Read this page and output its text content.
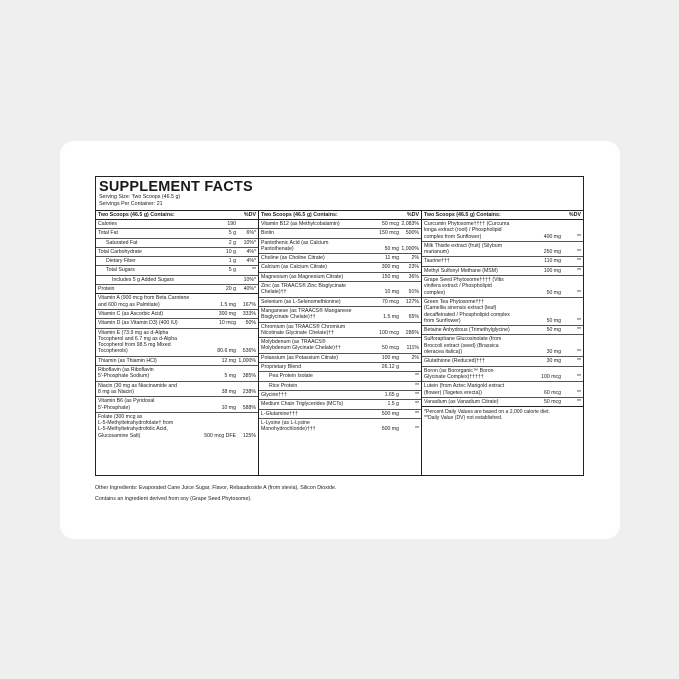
SUPPLEMENT FACTS
Serving Size: Two Scoops (46.5 g)
Servings Per Container: 21
Two Scoops (46.5 g) Contains:	%DV
Calories	190
Total Fat	5 g	6%*
Saturated Fat	2 g	10%*
Total Carbohydrate	10 g	4%*
Dietary Fiber	1 g	4%*
Total Sugars	5 g	**
Includes 5 g Added Sugars	10%*
Protein	20 g	40%*
Vitamin A (900 mcg from Beta Carotene
and 600 mcg as Palmitate)	1.5 mg	167%
Vitamin C (as Ascorbic Acid)	300 mg	333%
Vitamin D (as Vitamin D3) (400 IU)	10 mcg	50%
Vitamin E (73.9 mg as d-Alpha
Tocopherol and 6.7 mg as d-Alpha
Tocopherol from 98.5 mg Mixed
Tocopherols)	80.6 mg	536%
Thiamin (as Thiamin HCl)	12 mg 1,000%
Riboflavin (as Riboflavin
5'-Phosphate Sodium)	5 mg	385%
Niacin (30 mg as Niacinamide and
8 mg as Niacin)	38 mg	238%
Vitamin B6 (as Pyridoxal
5'-Phosphate)	10 mg	588%
Folate (300 mcg as
L-5-Methyltetrahydrofolate† from
L-5-Methyltetrahydrofolic Acid,
Glucosamine Salt)	500 mcg DFE	125%
Two Scoops (46.5 g) Contains:	%DV
Vitamin B12 (as Methylcobalamin)	50 mcg 2,083%
Biotin	150 mcg	500%
Pantothenic Acid (as Calcium
Pantothenate)	50 mg 1,000%
Choline (as Choline Citrate)	11 mg	2%
Calcium (as Calcium Citrate)	300 mg	23%
Magnesium (as Magnesium Citrate)	150 mg	36%
Zinc (as TRAACS® Zinc Bisglycinate
Chelate)††	10 mg	91%
Selenium (as L-Selenomethionine)	70 mcg	127%
Manganese (as TRAACS® Manganese
Bisglycinate Chelate)††	1.5 mg	65%
Chromium (as TRAACS® Chromium
Nicotinate Glycinate Chelate)††	100 mcg	286%
Molybdenum (as TRAACS®
Molybdenum Glycinate Chelate)††	50 mcg	111%
Potassium (as Potassium Citrate)	100 mg	2%
Proprietary Blend	26.12 g
Pea Protein Isolate	**
Rice Protein	**
Glycine†††	1.65 g	**
Medium Chain Triglycerides (MCTs)	1.5 g	**
L-Glutamine†††	500 mg	**
L-Lysine (as L-Lysine
Monohydrochloride)†††	500 mg	**
Two Scoops (46.5 g) Contains:	%DV
Curcumin Phytosome†††† (Curcuma
longa extract (root) / Phospholipid
complex from Sunflower)	400 mg	**
Milk Thistle extract (fruit) (Silybum
marianum)	250 mg	**
Taurine†††	110 mg	**
Methyl Sulfonyl Methane (MSM)	100 mg	**
Grape Seed Phytosome†††† (Vitis
vinifera extract / Phospholipid
complex)	50 mg	**
Green Tea Phytosome†††
(Camellia sinensis extract (leaf)
decaffeinated / Phospholipid complex
from Sunflower)	50 mg	**
Betaine Anhydrous (Trimethylglycine)	50 mg	**
Sulforaphane Glucosinolate (from
Broccoli extract (seed) (Brassica
oleracea italica))	30 mg	**
Glutathione (Reduced)†††	30 mg	**
Boron (as Bororganic™ Boron
Glycinate Complex)†††††	100 mcg	**
Lutein (from Aztec Marigold extract
(flower) (Tagetes erecta))	60 mcg	**
Vanadium (as Vanadium Citrate)	50 mcg	**
*Percent Daily Values are based on a 2,000 calorie diet.
**Daily Value (DV) not established.
Other Ingredients: Evaporated Cane Juice Sugar, Flavor, Rebaudioside A (from stevia), Silicon Dioxide.
Contains an ingredient derived from soy (Grape Seed Phytosome).
